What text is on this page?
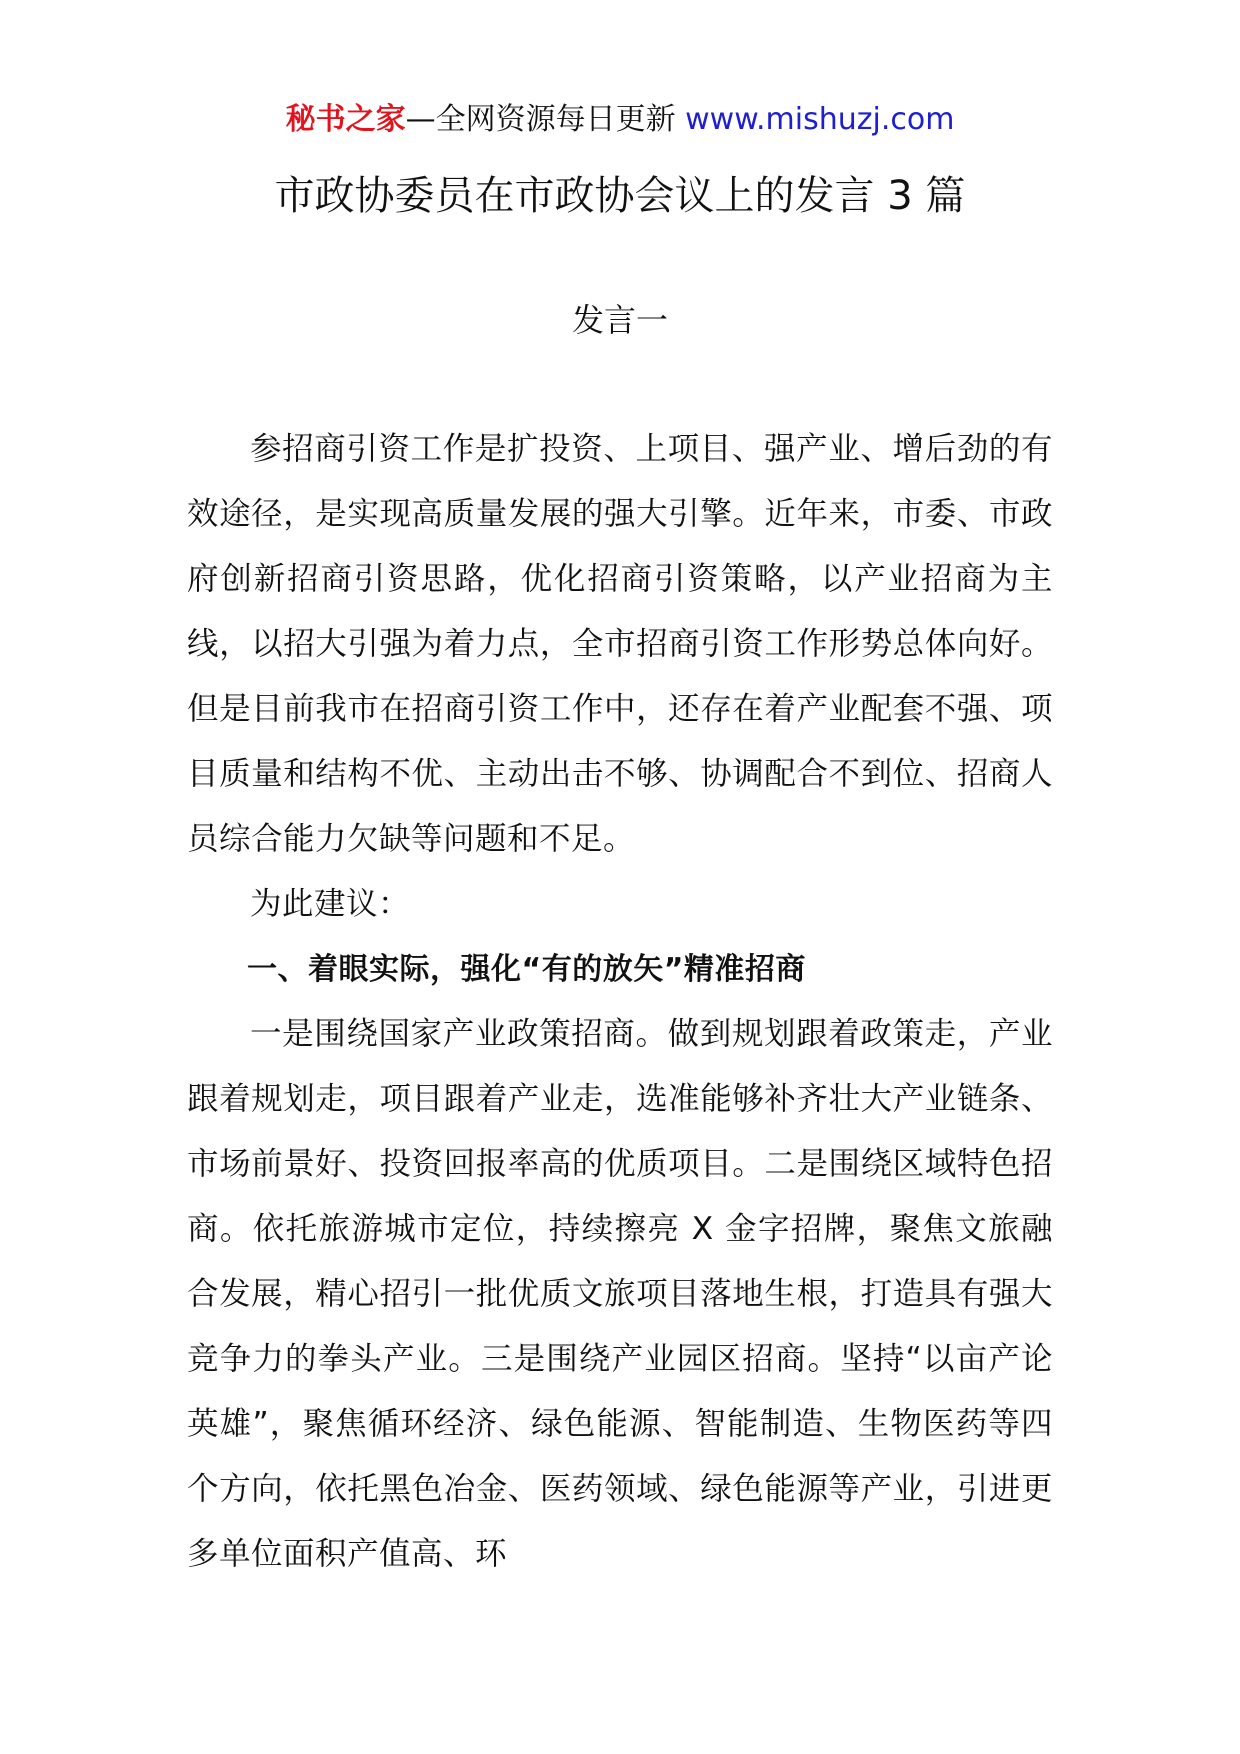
秘书之家—全网资源每日更新 www.mishuzj.com
市政协委员在市政协会议上的发言 3 篇
发言一

参招商引资工作是扩投资、上项目、强产业、增后劲的有效途径，是实现高质量发展的强大引擎。近年来，市委、市政府创新招商引资思路，优化招商引资策略，以产业招商为主线，以招大引强为着力点，全市招商引资工作形势总体向好。但是目前我市在招商引资工作中，还存在着产业配套不强、项目质量和结构不优、主动出击不够、协调配合不到位、招商人员综合能力欠缺等问题和不足。

为此建议：

一、着眼实际，强化“有的放矢”精准招商

一是围绕国家产业政策招商。做到规划跟着政策走，产业跟着规划走，项目跟着产业走，选准能够补齐壮大产业链条、市场前景好、投资回报率高的优质项目。二是围绕区域特色招商。依托旅游城市定位，持续擦亮 X 金字招牌，聚焦文旅融合发展，精心招引一批优质文旅项目落地生根，打造具有强大竞争力的拳头产业。三是围绕产业园区招商。坚持“以亩产论英雄”，聚焦循环经济、绿色能源、智能制造、生物医药等四个方向，依托黑色冶金、医药领域、绿色能源等产业，引进更多单位面积产值高、环
